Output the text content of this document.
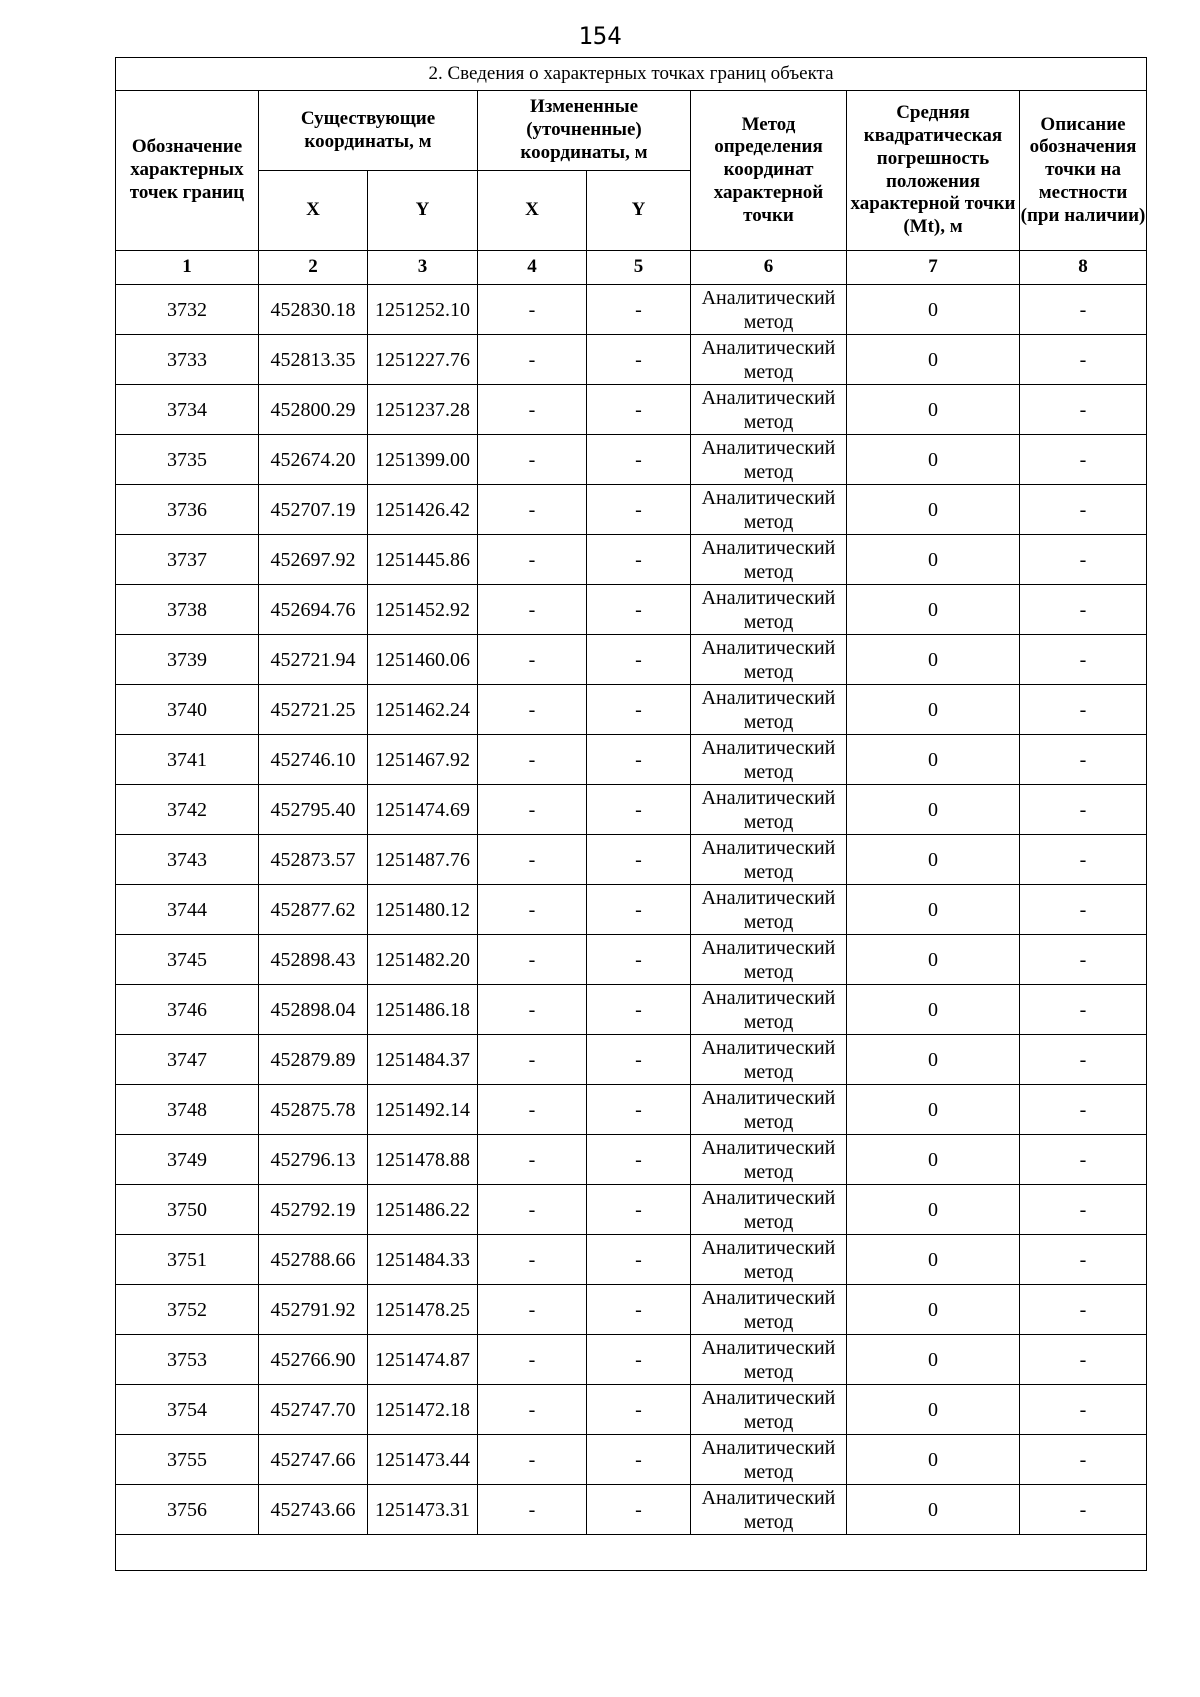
154
2. Сведения о характерных точках границ объекта							
Обозначение характерных точек границ	Существующие координаты, м		Измененные (уточненные) координаты, м		Метод определения координат характерной точки	Средняя квадратическая погрешность положения характерной точки (Mt), м	Описание обозначения точки на местности (при наличии)
	X	Y	X	Y			
1	2	3	4	5	6	7	8
3732	452830.18	1251252.10	-	-	Аналитический метод	0	-
3733	452813.35	1251227.76	-	-	Аналитический метод	0	-
3734	452800.29	1251237.28	-	-	Аналитический метод	0	-
3735	452674.20	1251399.00	-	-	Аналитический метод	0	-
3736	452707.19	1251426.42	-	-	Аналитический метод	0	-
3737	452697.92	1251445.86	-	-	Аналитический метод	0	-
3738	452694.76	1251452.92	-	-	Аналитический метод	0	-
3739	452721.94	1251460.06	-	-	Аналитический метод	0	-
3740	452721.25	1251462.24	-	-	Аналитический метод	0	-
3741	452746.10	1251467.92	-	-	Аналитический метод	0	-
3742	452795.40	1251474.69	-	-	Аналитический метод	0	-
3743	452873.57	1251487.76	-	-	Аналитический метод	0	-
3744	452877.62	1251480.12	-	-	Аналитический метод	0	-
3745	452898.43	1251482.20	-	-	Аналитический метод	0	-
3746	452898.04	1251486.18	-	-	Аналитический метод	0	-
3747	452879.89	1251484.37	-	-	Аналитический метод	0	-
3748	452875.78	1251492.14	-	-	Аналитический метод	0	-
3749	452796.13	1251478.88	-	-	Аналитический метод	0	-
3750	452792.19	1251486.22	-	-	Аналитический метод	0	-
3751	452788.66	1251484.33	-	-	Аналитический метод	0	-
3752	452791.92	1251478.25	-	-	Аналитический метод	0	-
3753	452766.90	1251474.87	-	-	Аналитический метод	0	-
3754	452747.70	1251472.18	-	-	Аналитический метод	0	-
3755	452747.66	1251473.44	-	-	Аналитический метод	0	-
3756	452743.66	1251473.31	-	-	Аналитический метод	0	-
